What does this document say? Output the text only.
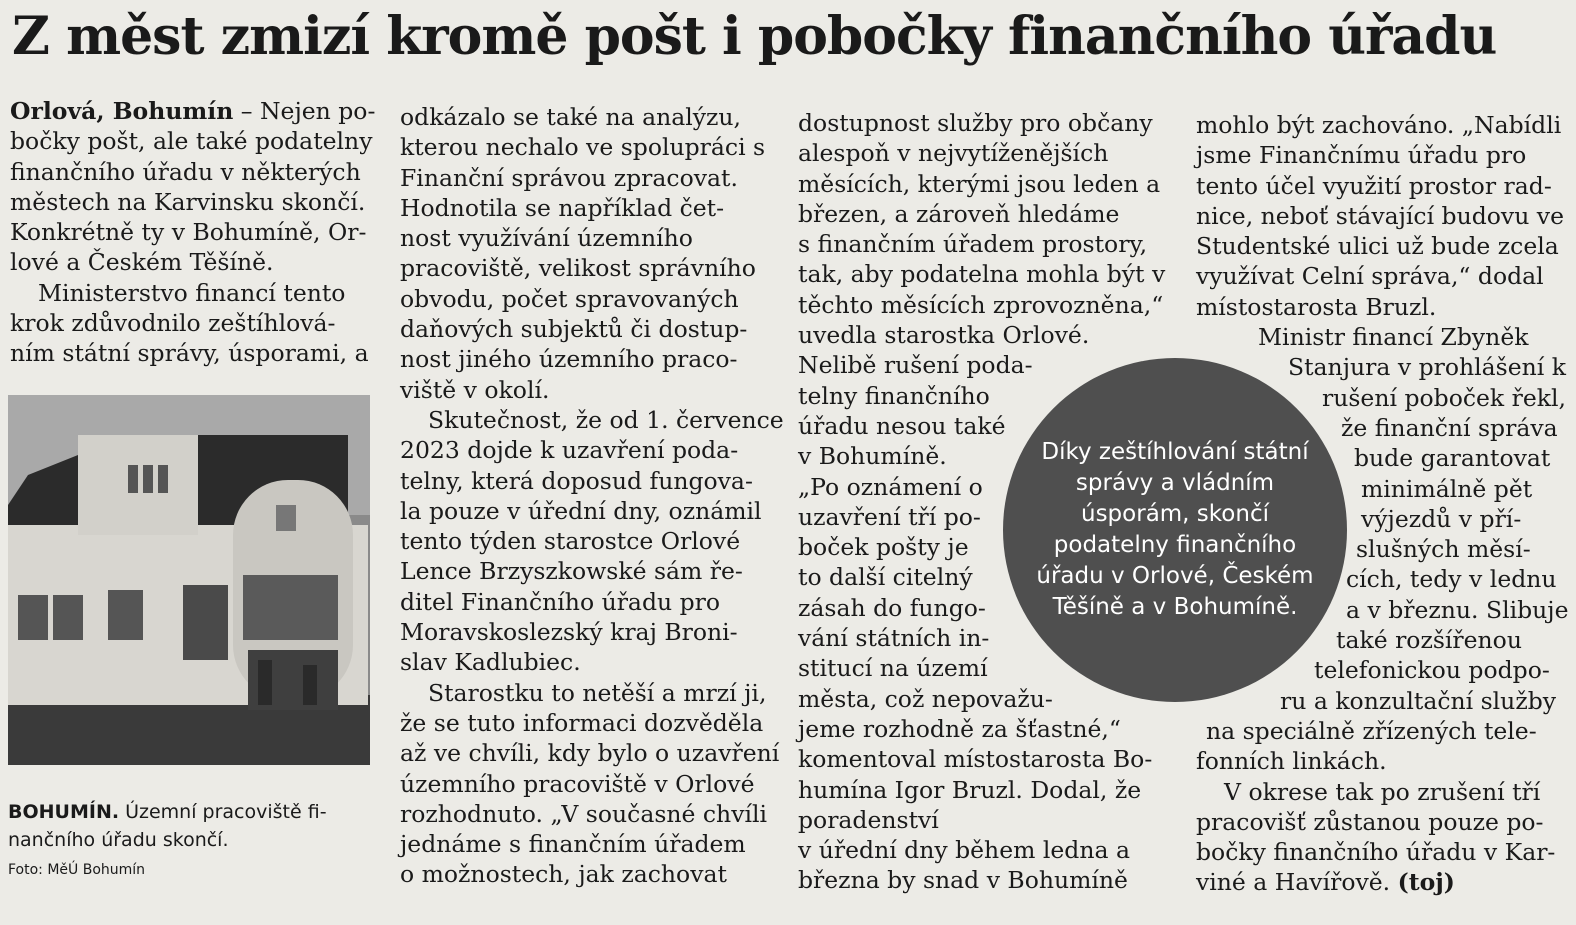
Z měst zmizí kromě pošt i pobočky finančního úřadu
Orlová, Bohumín – Nejen po-
bočky pošt, ale také podatelny
finančního úřadu v některých
městech na Karvinsku skončí.
Konkrétně ty v Bohumíně, Or-
lové a Českém Těšíně.
Ministerstvo financí tento
krok zdůvodnilo zeštíhlová-
ním státní správy, úsporami, a
BOHUMÍN. Územní pracoviště fi-
nančního úřadu skončí.
Foto: MěÚ Bohumín
odkázalo se také na analýzu,
kterou nechalo ve spolupráci s
Finanční správou zpracovat.
Hodnotila se například čet-
nost využívání územního
pracoviště, velikost správního
obvodu, počet spravovaných
daňových subjektů či dostup-
nost jiného územního praco-
viště v okolí.
Skutečnost, že od 1. července
2023 dojde k uzavření poda-
telny, která doposud fungova-
la pouze v úřední dny, oznámil
tento týden starostce Orlové
Lence Brzyszkowské sám ře-
ditel Finančního úřadu pro
Moravskoslezský kraj Broni-
slav Kadlubiec.
Starostku to netěší a mrzí ji,
že se tuto informaci dozvěděla
až ve chvíli, kdy bylo o uzavření
územního pracoviště v Orlové
rozhodnuto. „V současné chvíli
jednáme s finančním úřadem
o možnostech, jak zachovat
dostupnost služby pro občany
alespoň v nejvytíženějších
měsících, kterými jsou leden a
březen, a zároveň hledáme
s finančním úřadem prostory,
tak, aby podatelna mohla být v
těchto měsících zprovozněna,“
uvedla starostka Orlové.
Nelibě rušení poda-
telny finančního
úřadu nesou také
v Bohumíně.
„Po oznámení o
uzavření tří po-
boček pošty je
to další citelný
zásah do fungo-
vání státních in-
stitucí na území
města, což nepovažu-
jeme rozhodně za šťastné,“
komentoval místostarosta Bo-
humína Igor Bruzl. Dodal, že
poradenství
v úřední dny během ledna a
března by snad v Bohumíně
mohlo být zachováno. „Nabídli
jsme Finančnímu úřadu pro
tento účel využití prostor rad-
nice, neboť stávající budovu ve
Studentské ulici už bude zcela
využívat Celní správa,“ dodal
místostarosta Bruzl.
Ministr financí Zbyněk
Stanjura v prohlášení k
rušení poboček řekl,
že finanční správa
bude garantovat
minimálně pět
výjezdů v pří-
slušných měsí-
cích, tedy v lednu
a v březnu. Slibuje
také rozšířenou
telefonickou podpo-
ru a konzultační služby
na speciálně zřízených tele-
fonních linkách.
V okrese tak po zrušení tří
pracovišť zůstanou pouze po-
bočky finančního úřadu v Kar-
viné a Havířově. (toj)
Díky zeštíhlování státní správy a vládním úsporám, skončí podatelny finančního úřadu v Orlové, Českém Těšíně a v Bohumíně.
